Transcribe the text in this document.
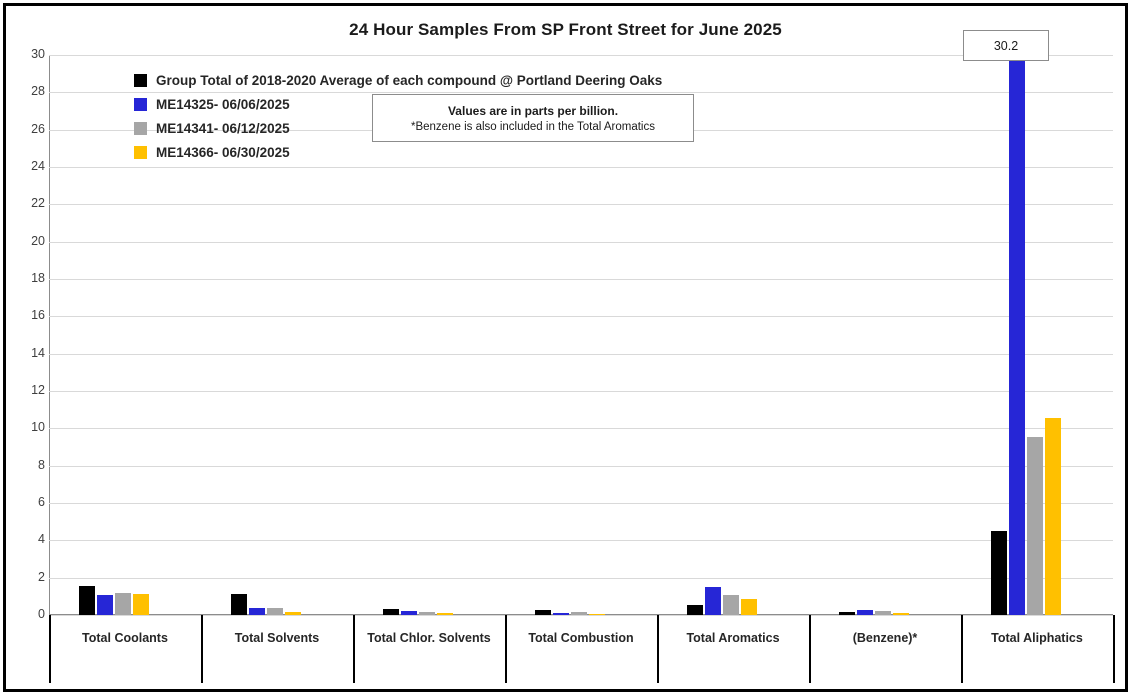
24 Hour Samples From SP Front Street for June 2025
0
2
4
6
8
10
12
14
16
18
20
22
24
26
28
30
Total Coolants	Total Solvents	Total Chlor. Solvents	Total Combustion	Total Aromatics	(Benzene)*	Total Aliphatics
Group Total of 2018-2020 Average of each compound @ Portland Deering Oaks
ME14325- 06/06/2025
ME14341- 06/12/2025
ME14366- 06/30/2025
Values are in parts per billion.
*Benzene is also included in the Total Aromatics
30.2
